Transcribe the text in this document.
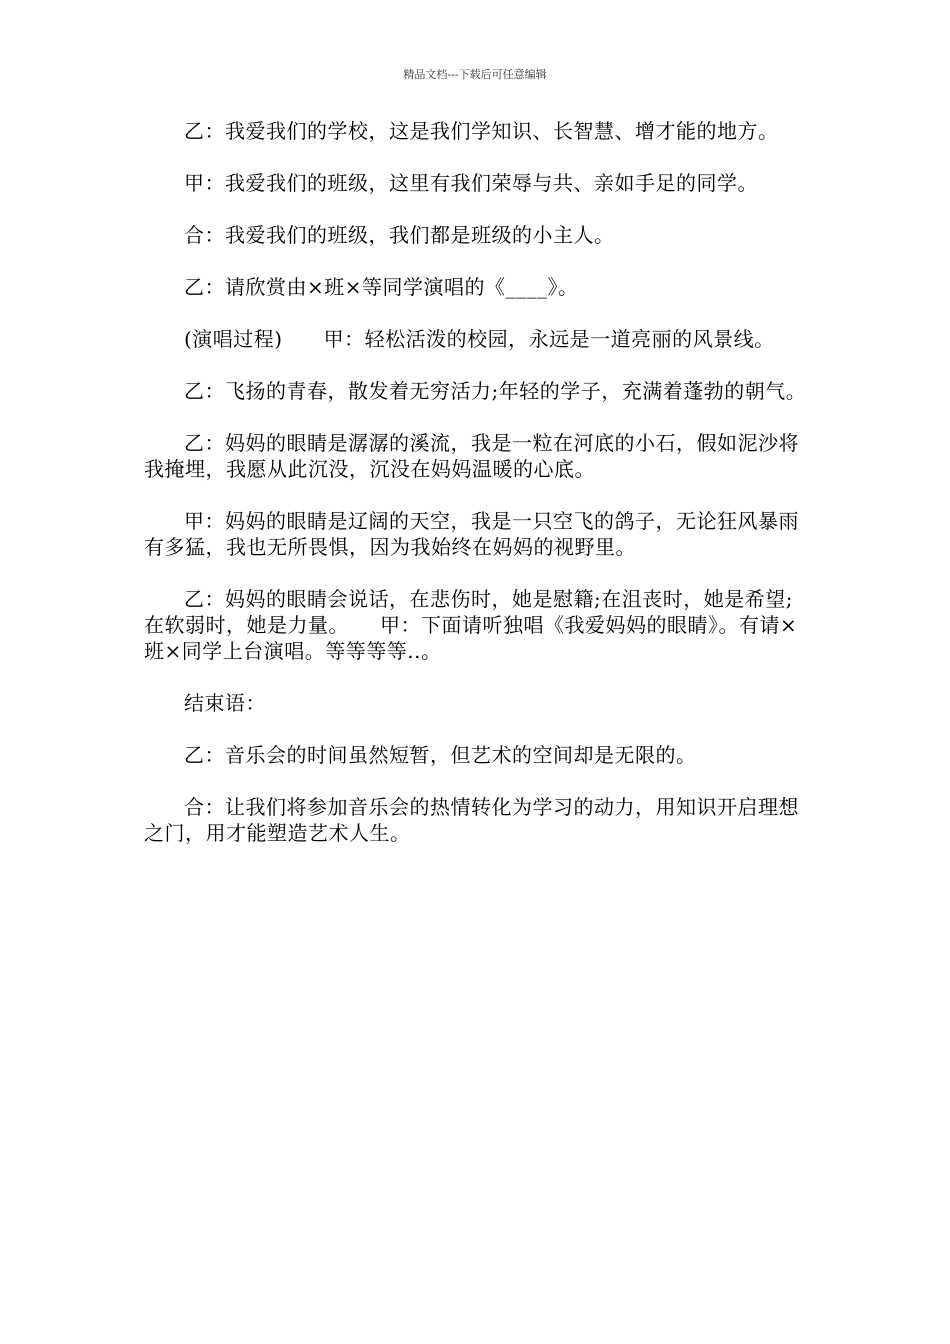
精品文档---下载后可任意编辑

乙：我爱我们的学校，这是我们学知识、长智慧、增才能的地方。

甲：我爱我们的班级，这里有我们荣辱与共、亲如手足的同学。

合：我爱我们的班级，我们都是班级的小主人。

乙：请欣赏由×班×等同学演唱的《____》。

(演唱过程)　　甲：轻松活泼的校园，永远是一道亮丽的风景线。

乙：飞扬的青春，散发着无穷活力;年轻的学子，充满着蓬勃的朝气。

乙：妈妈的眼睛是潺潺的溪流，我是一粒在河底的小石，假如泥沙将我掩埋，我愿从此沉没，沉没在妈妈温暖的心底。

甲：妈妈的眼睛是辽阔的天空，我是一只空飞的鸽子，无论狂风暴雨有多猛，我也无所畏惧，因为我始终在妈妈的视野里。

乙：妈妈的眼睛会说话，在悲伤时，她是慰籍;在沮丧时，她是希望;在软弱时，她是力量。　　甲：下面请听独唱《我爱妈妈的眼睛》。有请×班×同学上台演唱。等等等等..。

结束语：

乙：音乐会的时间虽然短暂，但艺术的空间却是无限的。

合：让我们将参加音乐会的热情转化为学习的动力，用知识开启理想之门，用才能塑造艺术人生。
